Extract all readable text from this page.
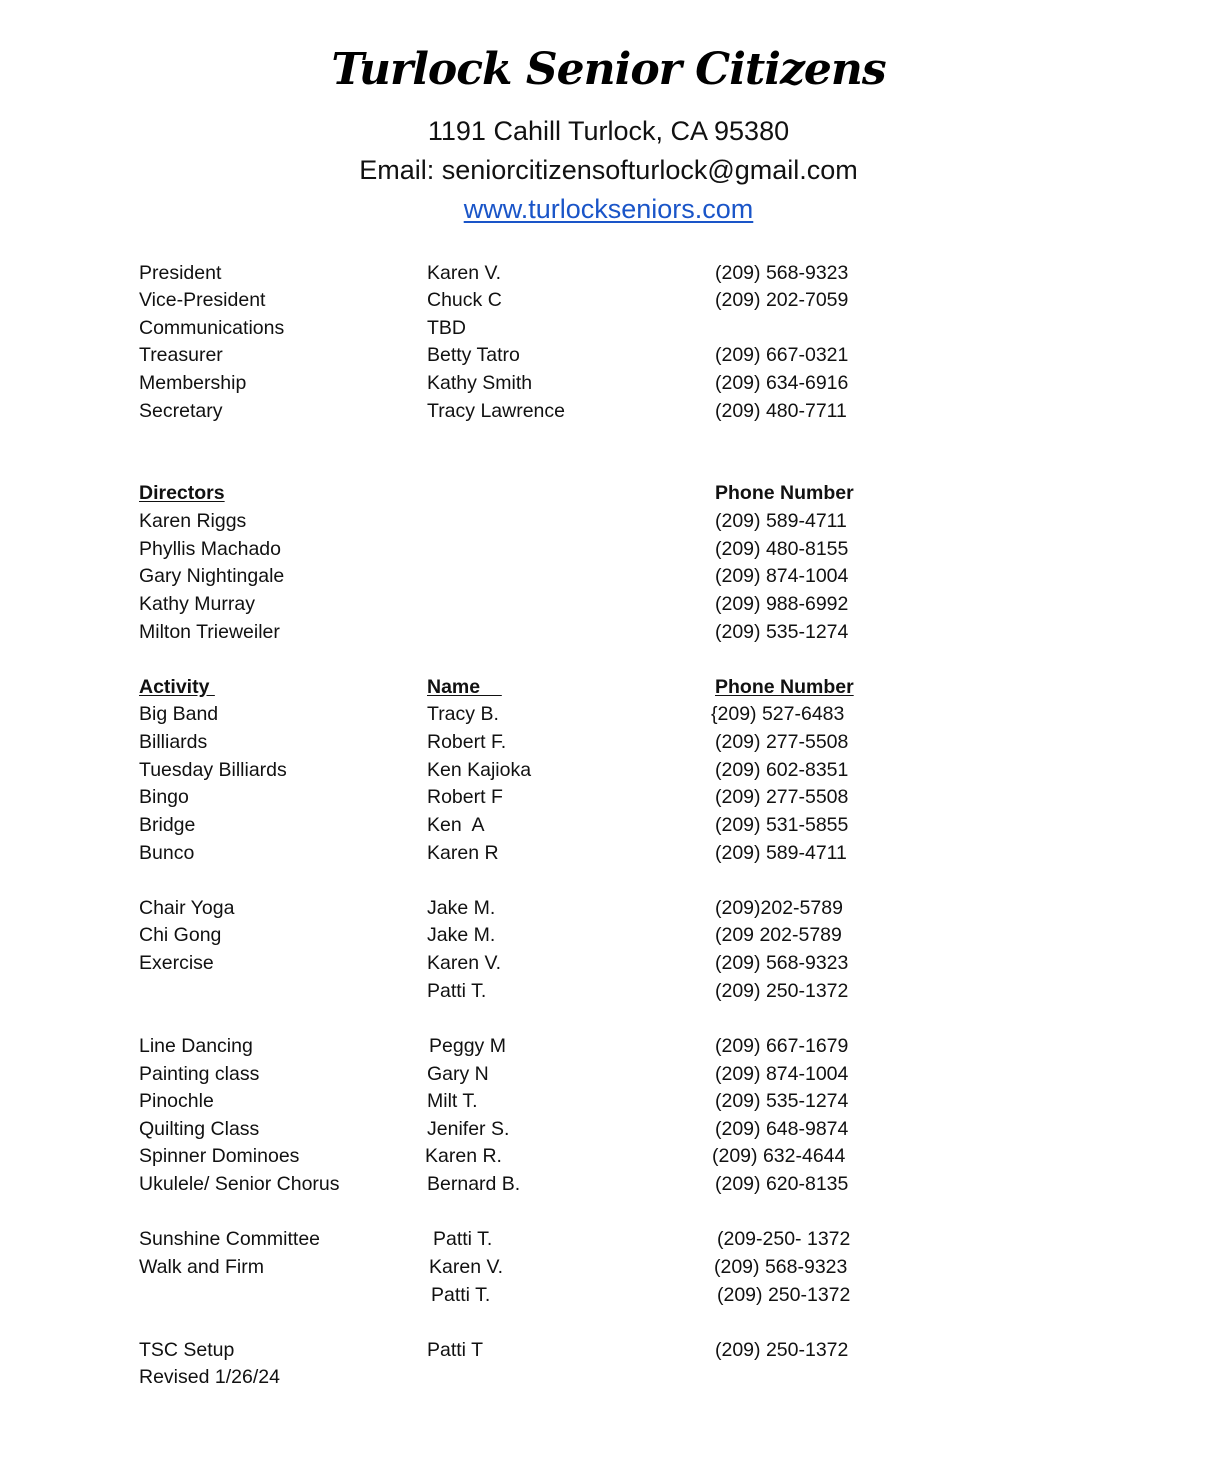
Turlock Senior Citizens
1191 Cahill Turlock, CA 95380
Email: seniorcitizensofturlock@gmail.com
www.turlockseniors.com
President	Karen V.	(209) 568-9323
Vice-President	Chuck C	(209) 202-7059
Communications	TBD
Treasurer	Betty Tatro	(209) 667-0321
Membership	Kathy Smith	(209) 634-6916
Secretary	Tracy Lawrence	(209) 480-7711
Directors	Phone Number
Karen Riggs	(209) 589-4711
Phyllis Machado	(209) 480-8155
Gary Nightingale	(209) 874-1004
Kathy Murray	(209) 988-6992
Milton Trieweiler	(209) 535-1274
Activity	Name	Phone Number
Big Band	Tracy B.	{209) 527-6483
Billiards	Robert F.	(209) 277-5508
Tuesday Billiards	Ken Kajioka	(209) 602-8351
Bingo	Robert F	(209) 277-5508
Bridge	Ken  A	(209) 531-5855
Bunco	Karen R	(209) 589-4711
Chair Yoga	Jake M.	(209)202-5789
Chi Gong	Jake M.	(209 202-5789
Exercise	Karen V.	(209) 568-9323
Patti T.	(209) 250-1372
Line Dancing	Peggy M	(209) 667-1679
Painting class	Gary N	(209) 874-1004
Pinochle	Milt T.	(209) 535-1274
Quilting Class	Jenifer S.	(209) 648-9874
Spinner Dominoes	Karen R.	(209) 632-4644
Ukulele/ Senior Chorus	Bernard B.	(209) 620-8135
Sunshine Committee	Patti T.	(209-250- 1372
Walk and Firm	Karen V.	(209) 568-9323
Patti T.	(209) 250-1372
TSC Setup	Patti T	(209) 250-1372
Revised 1/26/24
